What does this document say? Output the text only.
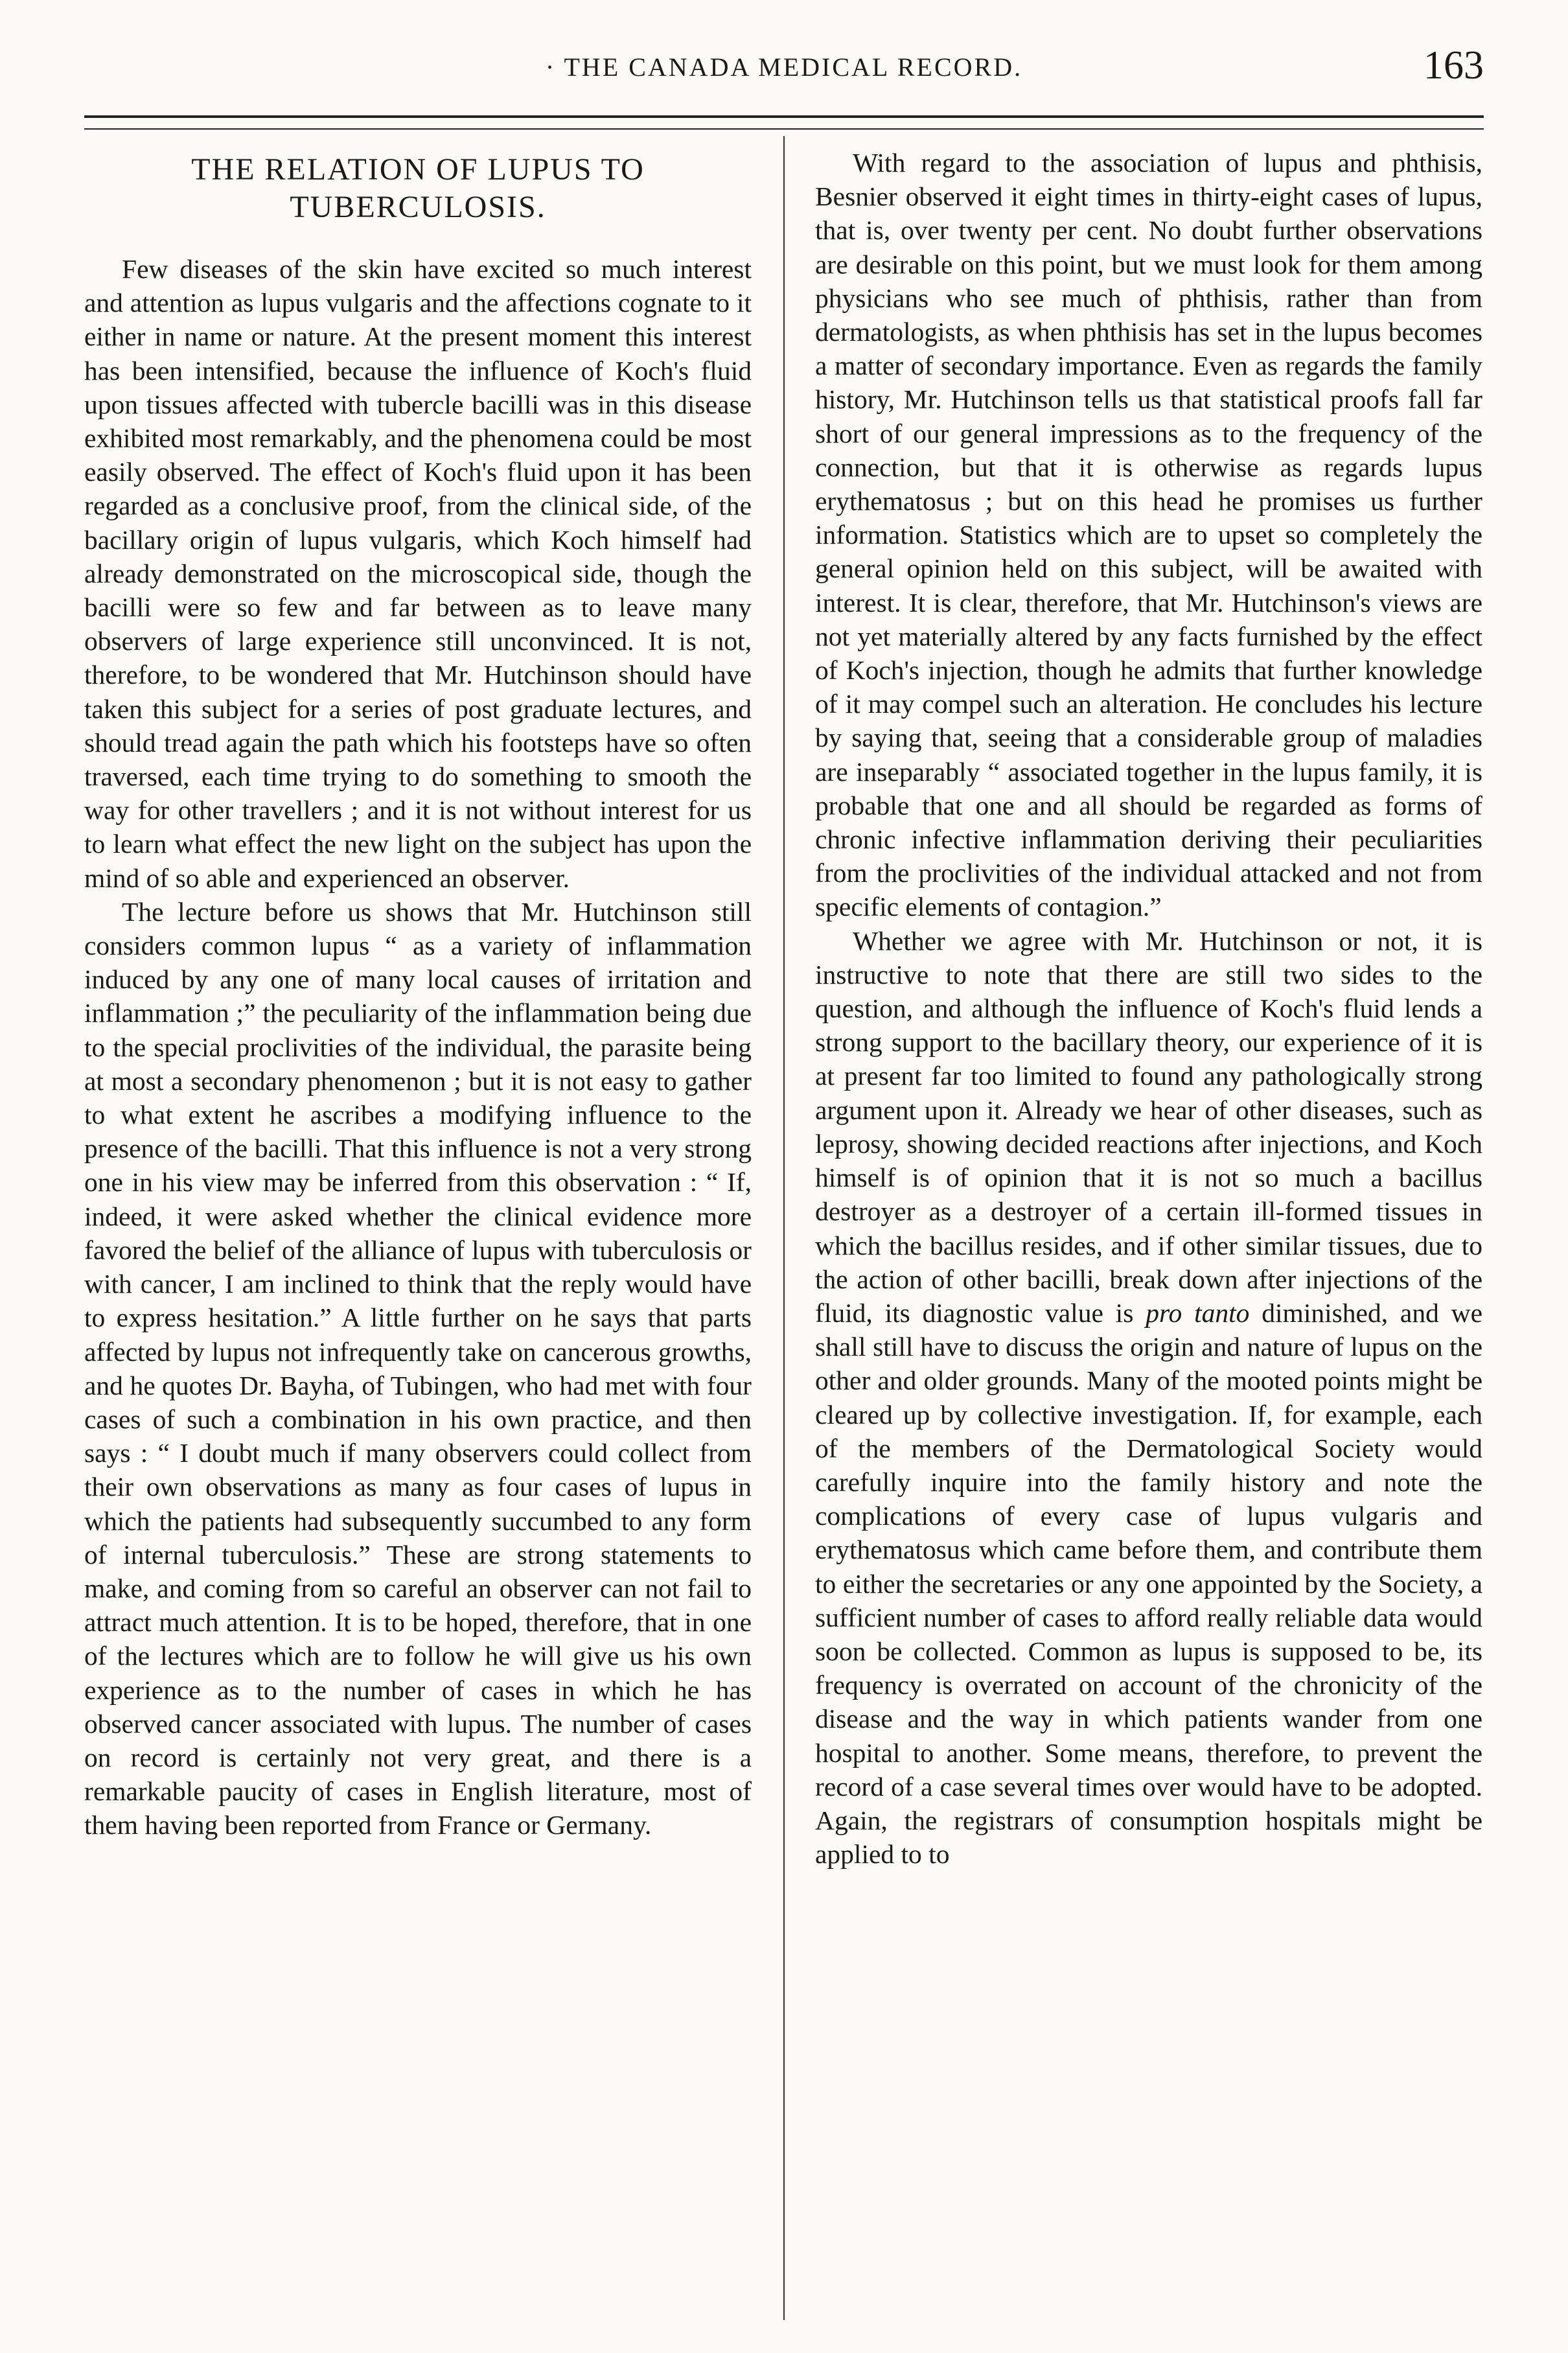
· THE CANADA MEDICAL RECORD.	163
THE RELATION OF LUPUS TO TUBERCULOSIS.

Few diseases of the skin have excited so much interest and attention as lupus vulgaris and the affections cognate to it either in name or nature. At the present moment this interest has been intensified, because the influence of Koch's fluid upon tissues affected with tubercle bacilli was in this disease exhibited most remarkably, and the phenomena could be most easily observed. The effect of Koch's fluid upon it has been regarded as a conclusive proof, from the clinical side, of the bacillary origin of lupus vulgaris, which Koch himself had already demonstrated on the microscopical side, though the bacilli were so few and far between as to leave many observers of large experience still unconvinced. It is not, therefore, to be wondered that Mr. Hutchinson should have taken this subject for a series of post graduate lectures, and should tread again the path which his footsteps have so often traversed, each time trying to do something to smooth the way for other travellers ; and it is not without interest for us to learn what effect the new light on the subject has upon the mind of so able and experienced an observer.

The lecture before us shows that Mr. Hutchinson still considers common lupus “ as a variety of inflammation induced by any one of many local causes of irritation and inflammation ;” the peculiarity of the inflammation being due to the special proclivities of the individual, the parasite being at most a secondary phenomenon ; but it is not easy to gather to what extent he ascribes a modifying influence to the presence of the bacilli. That this influence is not a very strong one in his view may be inferred from this observation : “ If, indeed, it were asked whether the clinical evidence more favored the belief of the alliance of lupus with tuberculosis or with cancer, I am inclined to think that the reply would have to express hesitation.” A little further on he says that parts affected by lupus not infrequently take on cancerous growths, and he quotes Dr. Bayha, of Tubingen, who had met with four cases of such a combination in his own practice, and then says : “ I doubt much if many observers could collect from their own observations as many as four cases of lupus in which the patients had subsequently succumbed to any form of internal tuberculosis.” These are strong statements to make, and coming from so careful an observer can not fail to attract much attention. It is to be hoped, therefore, that in one of the lectures which are to follow he will give us his own experience as to the number of cases in which he has observed cancer associated with lupus. The number of cases on record is certainly not very great, and there is a remarkable paucity of cases in English literature, most of them having been reported from France or Germany.

With regard to the association of lupus and phthisis, Besnier observed it eight times in thirty-eight cases of lupus, that is, over twenty per cent. No doubt further observations are desirable on this point, but we must look for them among physicians who see much of phthisis, rather than from dermatologists, as when phthisis has set in the lupus becomes a matter of secondary importance. Even as regards the family history, Mr. Hutchinson tells us that statistical proofs fall far short of our general impressions as to the frequency of the connection, but that it is otherwise as regards lupus erythematosus ; but on this head he promises us further information. Statistics which are to upset so completely the general opinion held on this subject, will be awaited with interest. It is clear, therefore, that Mr. Hutchinson's views are not yet materially altered by any facts furnished by the effect of Koch's injection, though he admits that further knowledge of it may compel such an alteration. He concludes his lecture by saying that, seeing that a considerable group of maladies are inseparably “ associated together in the lupus family, it is probable that one and all should be regarded as forms of chronic infective inflammation deriving their peculiarities from the proclivities of the individual attacked and not from specific elements of contagion.”

Whether we agree with Mr. Hutchinson or not, it is instructive to note that there are still two sides to the question, and although the influence of Koch's fluid lends a strong support to the bacillary theory, our experience of it is at present far too limited to found any pathologically strong argument upon it. Already we hear of other diseases, such as leprosy, showing decided reactions after injections, and Koch himself is of opinion that it is not so much a bacillus destroyer as a destroyer of a certain ill-formed tissues in which the bacillus resides, and if other similar tissues, due to the action of other bacilli, break down after injections of the fluid, its diagnostic value is pro tanto diminished, and we shall still have to discuss the origin and nature of lupus on the other and older grounds. Many of the mooted points might be cleared up by collective investigation. If, for example, each of the members of the Dermatological Society would carefully inquire into the family history and note the complications of every case of lupus vulgaris and erythematosus which came before them, and contribute them to either the secretaries or any one appointed by the Society, a sufficient number of cases to afford really reliable data would soon be collected. Common as lupus is supposed to be, its frequency is overrated on account of the chronicity of the disease and the way in which patients wander from one hospital to another. Some means, therefore, to prevent the record of a case several times over would have to be adopted. Again, the registrars of consumption hospitals might be applied to to
